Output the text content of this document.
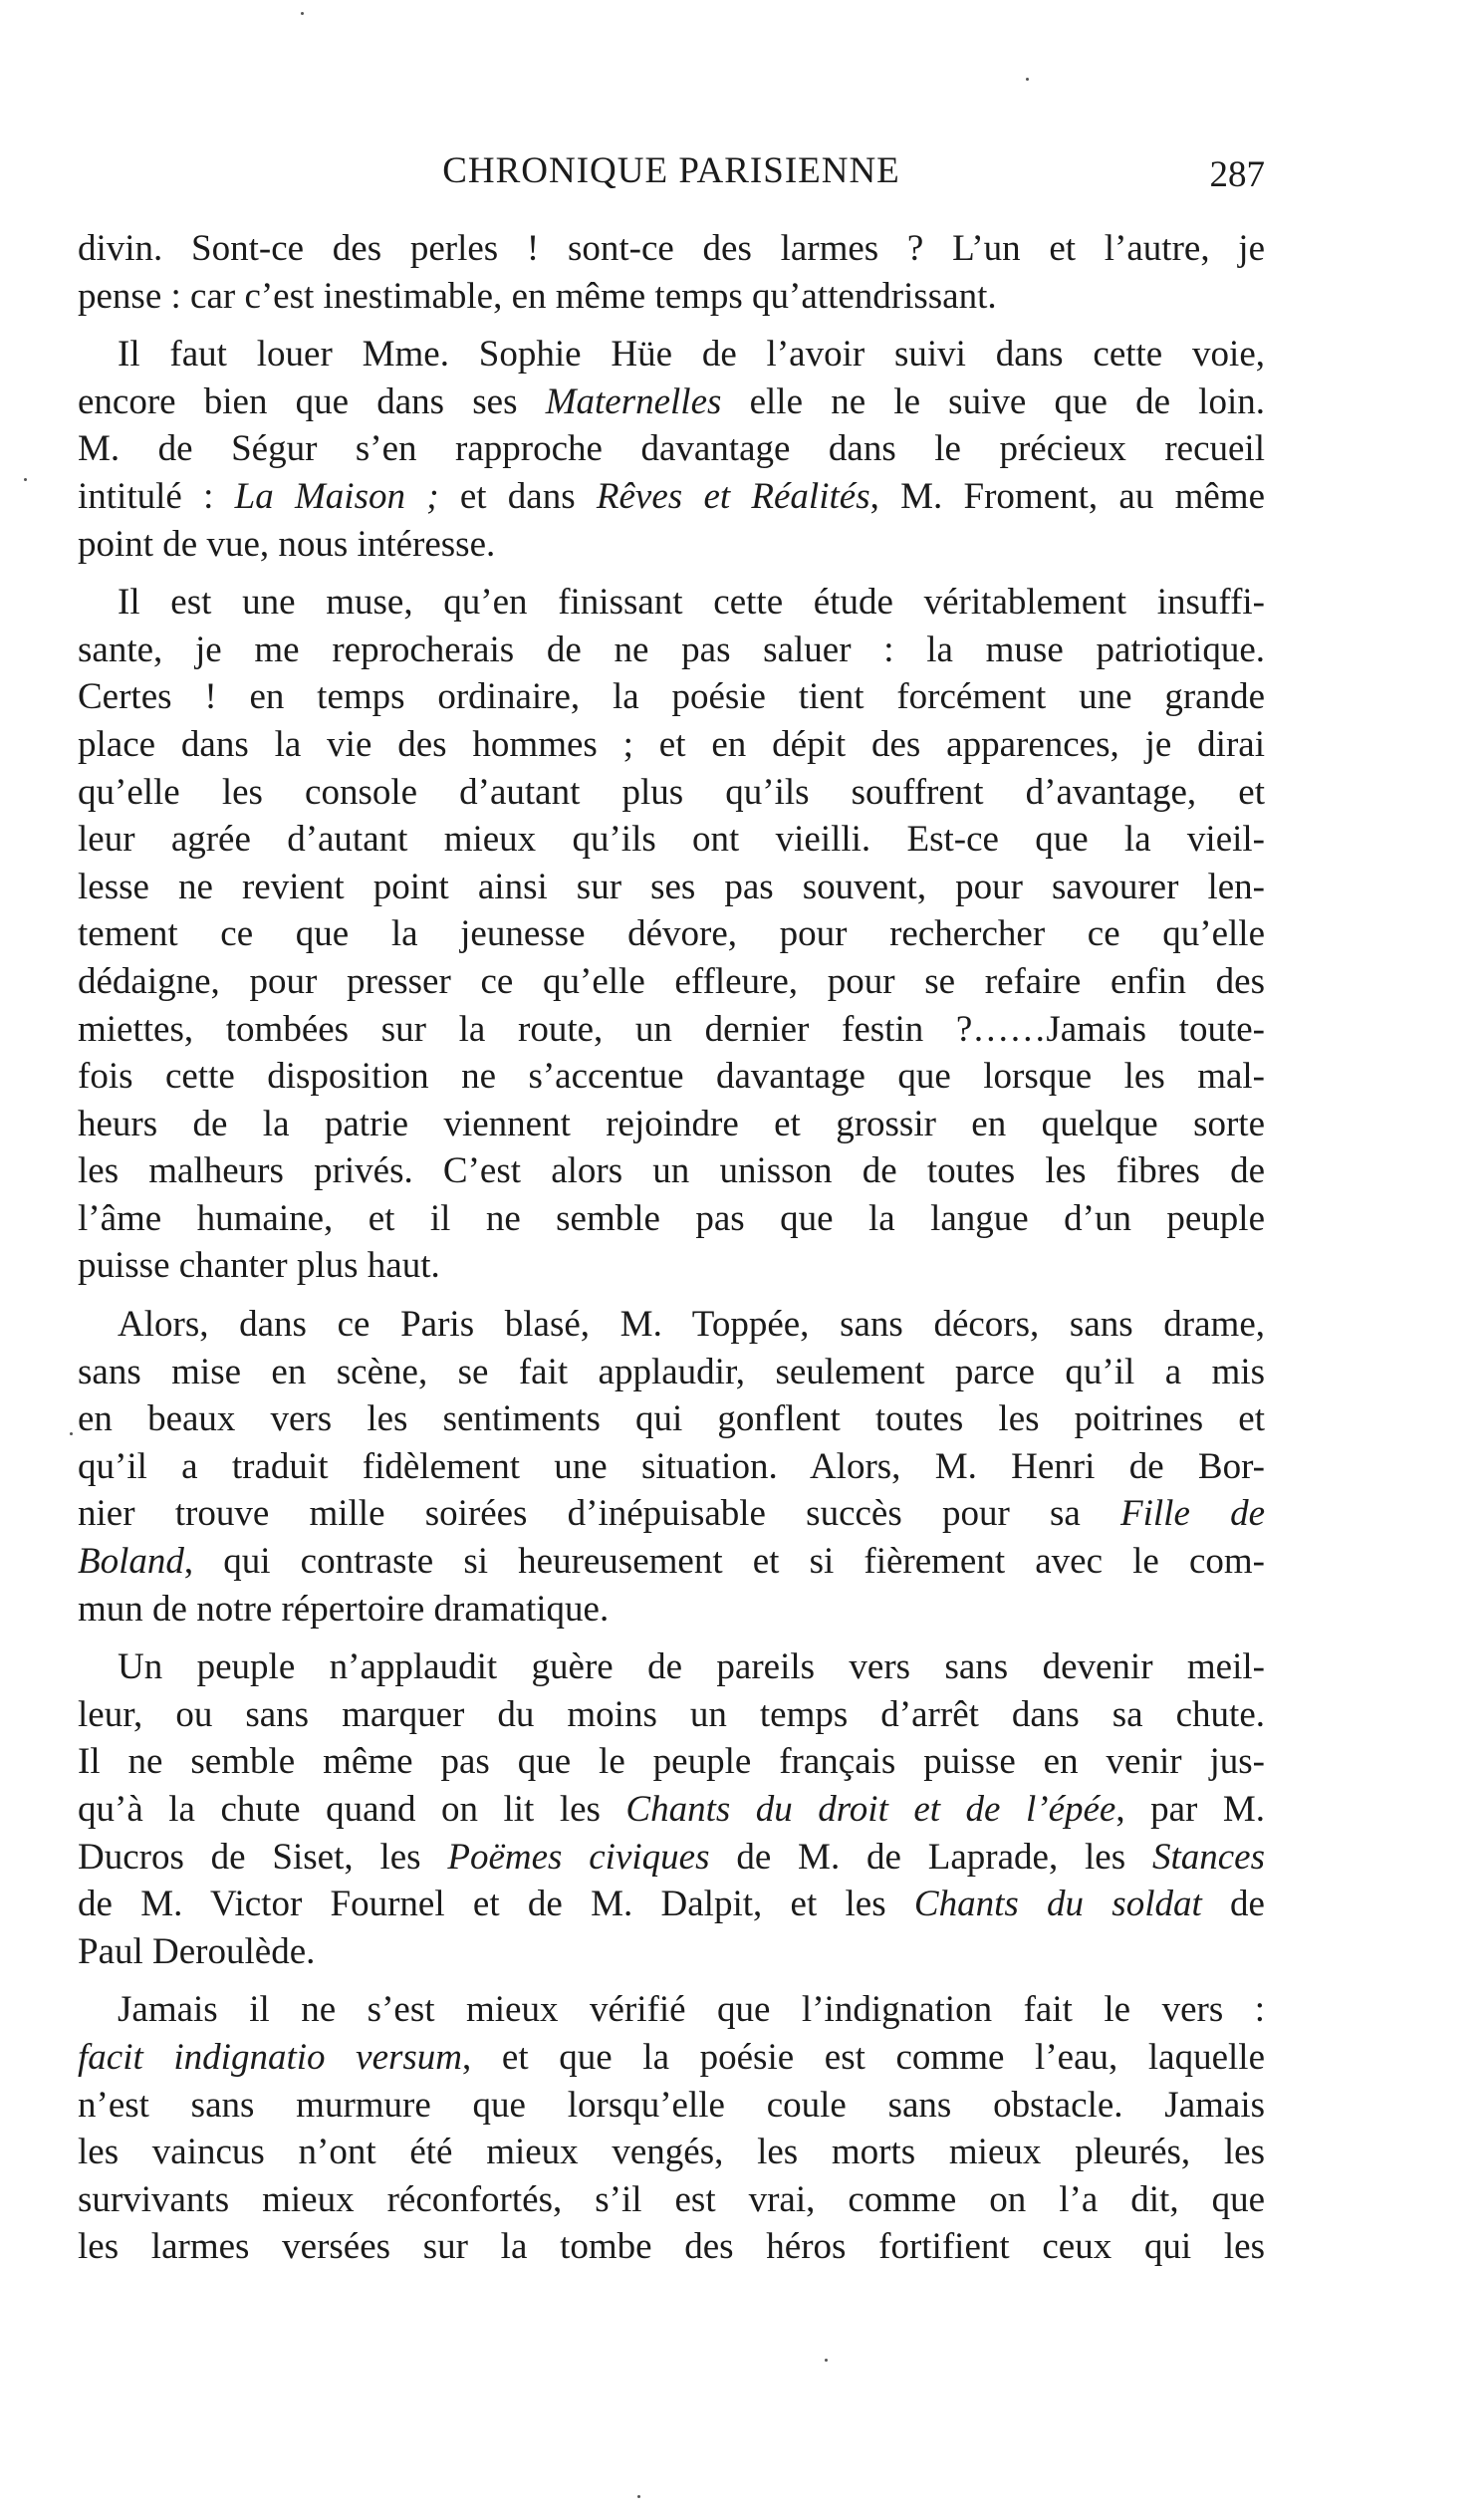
CHRONIQUE PARISIENNE	287

divin. Sont-ce des perles ! sont-ce des larmes ? L’un et l’autre, je
pense : car c’est inestimable, en même temps qu’attendrissant.

Il faut louer Mme. Sophie Hüe de l’avoir suivi dans cette voie,
encore bien que dans ses Maternelles elle ne le suive que de loin.
M. de Ségur s’en rapproche davantage dans le précieux recueil
intitulé : La Maison ; et dans Rêves et Réalités, M. Froment, au même
point de vue, nous intéresse.

Il est une muse, qu’en finissant cette étude véritablement insuffi-
sante, je me reprocherais de ne pas saluer : la muse patriotique.
Certes ! en temps ordinaire, la poésie tient forcément une grande
place dans la vie des hommes ; et en dépit des apparences, je dirai
qu’elle les console d’autant plus qu’ils souffrent d’avantage, et
leur agrée d’autant mieux qu’ils ont vieilli. Est-ce que la vieil-
lesse ne revient point ainsi sur ses pas souvent, pour savourer len-
tement ce que la jeunesse dévore, pour rechercher ce qu’elle
dédaigne, pour presser ce qu’elle effleure, pour se refaire enfin des
miettes, tombées sur la route, un dernier festin ?……Jamais toute-
fois cette disposition ne s’accentue davantage que lorsque les mal-
heurs de la patrie viennent rejoindre et grossir en quelque sorte
les malheurs privés. C’est alors un unisson de toutes les fibres de
l’âme humaine, et il ne semble pas que la langue d’un peuple
puisse chanter plus haut.

Alors, dans ce Paris blasé, M. Toppée, sans décors, sans drame,
sans mise en scène, se fait applaudir, seulement parce qu’il a mis
en beaux vers les sentiments qui gonflent toutes les poitrines et
qu’il a traduit fidèlement une situation. Alors, M. Henri de Bor-
nier trouve mille soirées d’inépuisable succès pour sa Fille de
Boland, qui contraste si heureusement et si fièrement avec le com-
mun de notre répertoire dramatique.

Un peuple n’applaudit guère de pareils vers sans devenir meil-
leur, ou sans marquer du moins un temps d’arrêt dans sa chute.
Il ne semble même pas que le peuple français puisse en venir jus-
qu’à la chute quand on lit les Chants du droit et de l’épée, par M.
Ducros de Siset, les Poëmes civiques de M. de Laprade, les Stances
de M. Victor Fournel et de M. Dalpit, et les Chants du soldat de
Paul Deroulède.

Jamais il ne s’est mieux vérifié que l’indignation fait le vers :
facit indignatio versum, et que la poésie est comme l’eau, laquelle
n’est sans murmure que lorsqu’elle coule sans obstacle. Jamais
les vaincus n’ont été mieux vengés, les morts mieux pleurés, les
survivants mieux réconfortés, s’il est vrai, comme on l’a dit, que
les larmes versées sur la tombe des héros fortifient ceux qui les
